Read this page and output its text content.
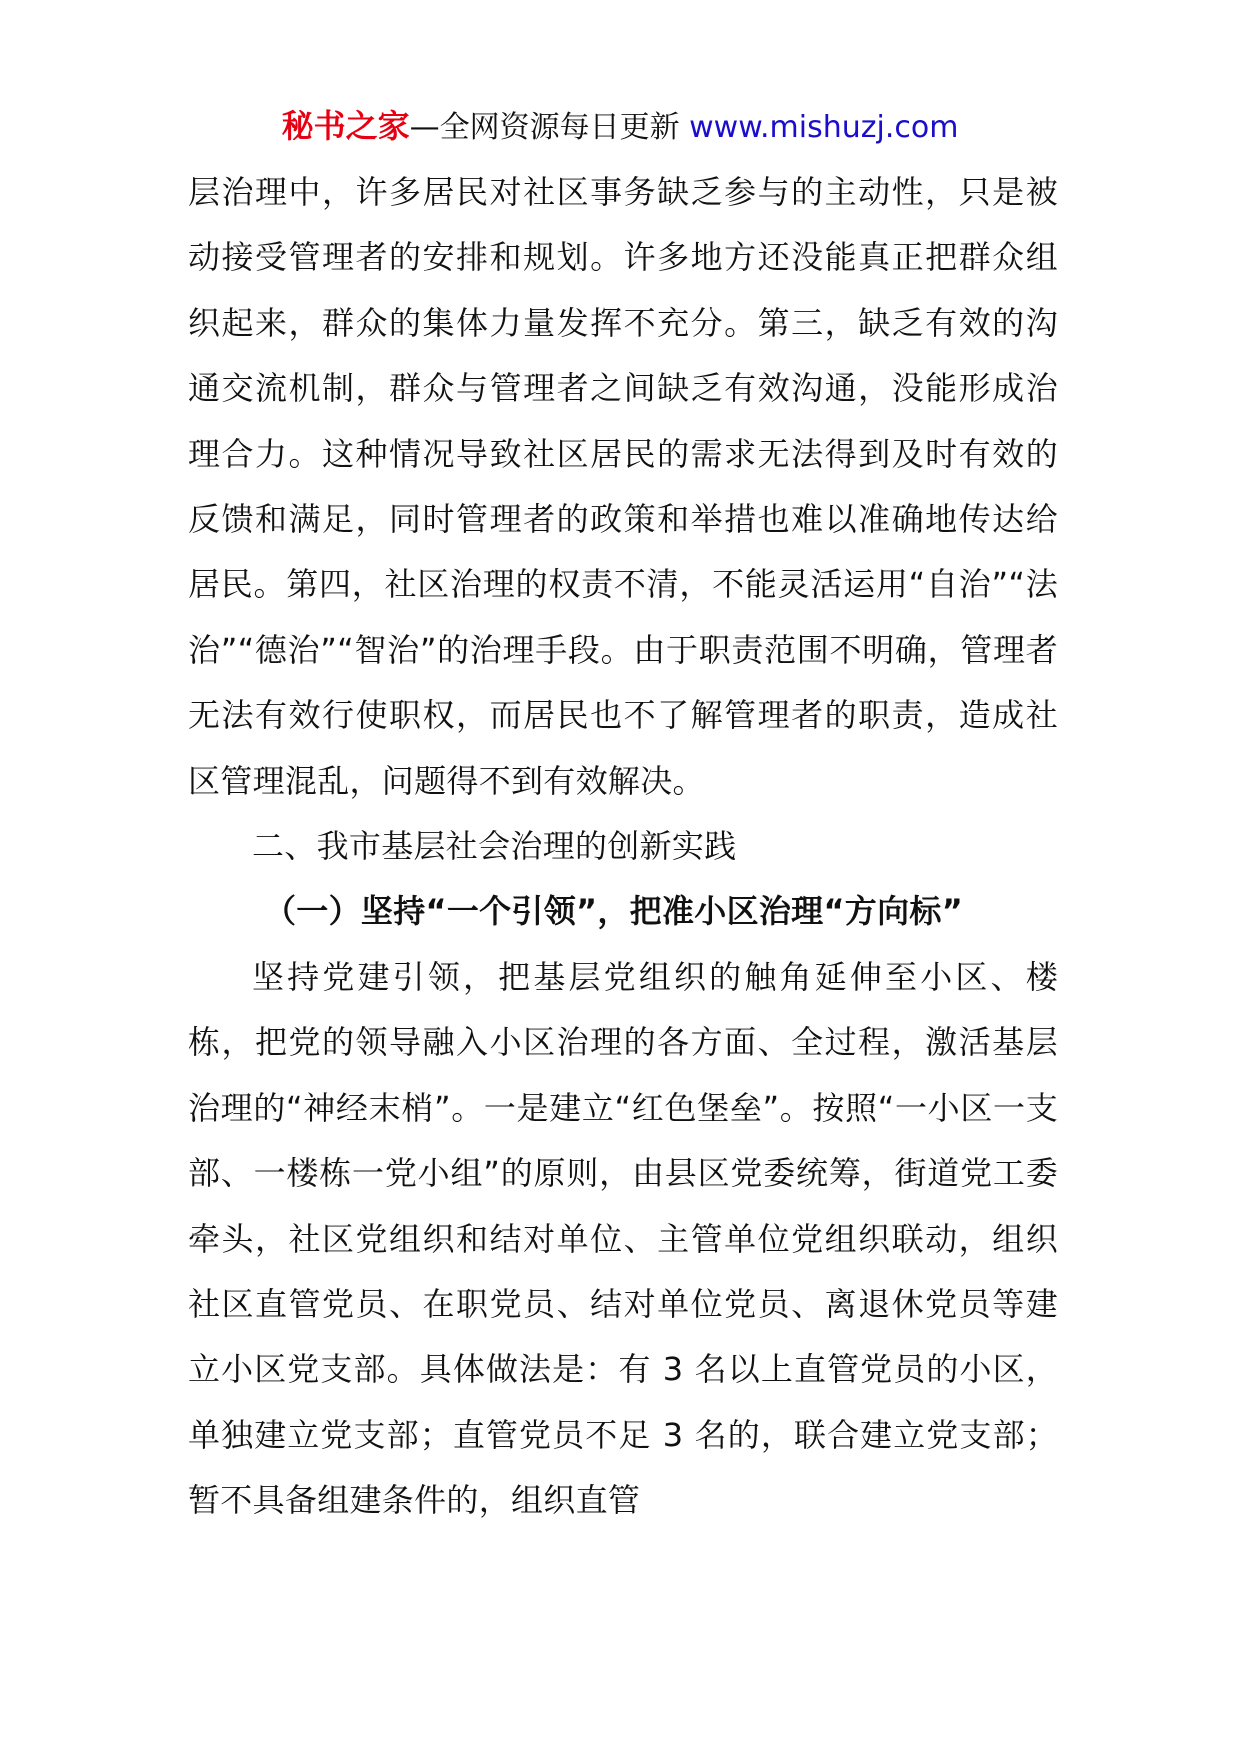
秘书之家—全网资源每日更新 www.mishuzj.com

层治理中，许多居民对社区事务缺乏参与的主动性，只是被动接受管理者的安排和规划。许多地方还没能真正把群众组织起来，群众的集体力量发挥不充分。第三，缺乏有效的沟通交流机制，群众与管理者之间缺乏有效沟通，没能形成治理合力。这种情况导致社区居民的需求无法得到及时有效的反馈和满足，同时管理者的政策和举措也难以准确地传达给居民。第四，社区治理的权责不清，不能灵活运用“自治”“法治”“德治”“智治”的治理手段。由于职责范围不明确，管理者无法有效行使职权，而居民也不了解管理者的职责，造成社区管理混乱，问题得不到有效解决。

二、我市基层社会治理的创新实践

（一）坚持“一个引领”，把准小区治理“方向标”

坚持党建引领，把基层党组织的触角延伸至小区、楼栋，把党的领导融入小区治理的各方面、全过程，激活基层治理的“神经末梢”。一是建立“红色堡垒”。按照“一小区一支部、一楼栋一党小组”的原则，由县区党委统筹，街道党工委牵头，社区党组织和结对单位、主管单位党组织联动，组织社区直管党员、在职党员、结对单位党员、离退休党员等建立小区党支部。具体做法是：有 3 名以上直管党员的小区，单独建立党支部；直管党员不足 3 名的，联合建立党支部；暂不具备组建条件的，组织直管
